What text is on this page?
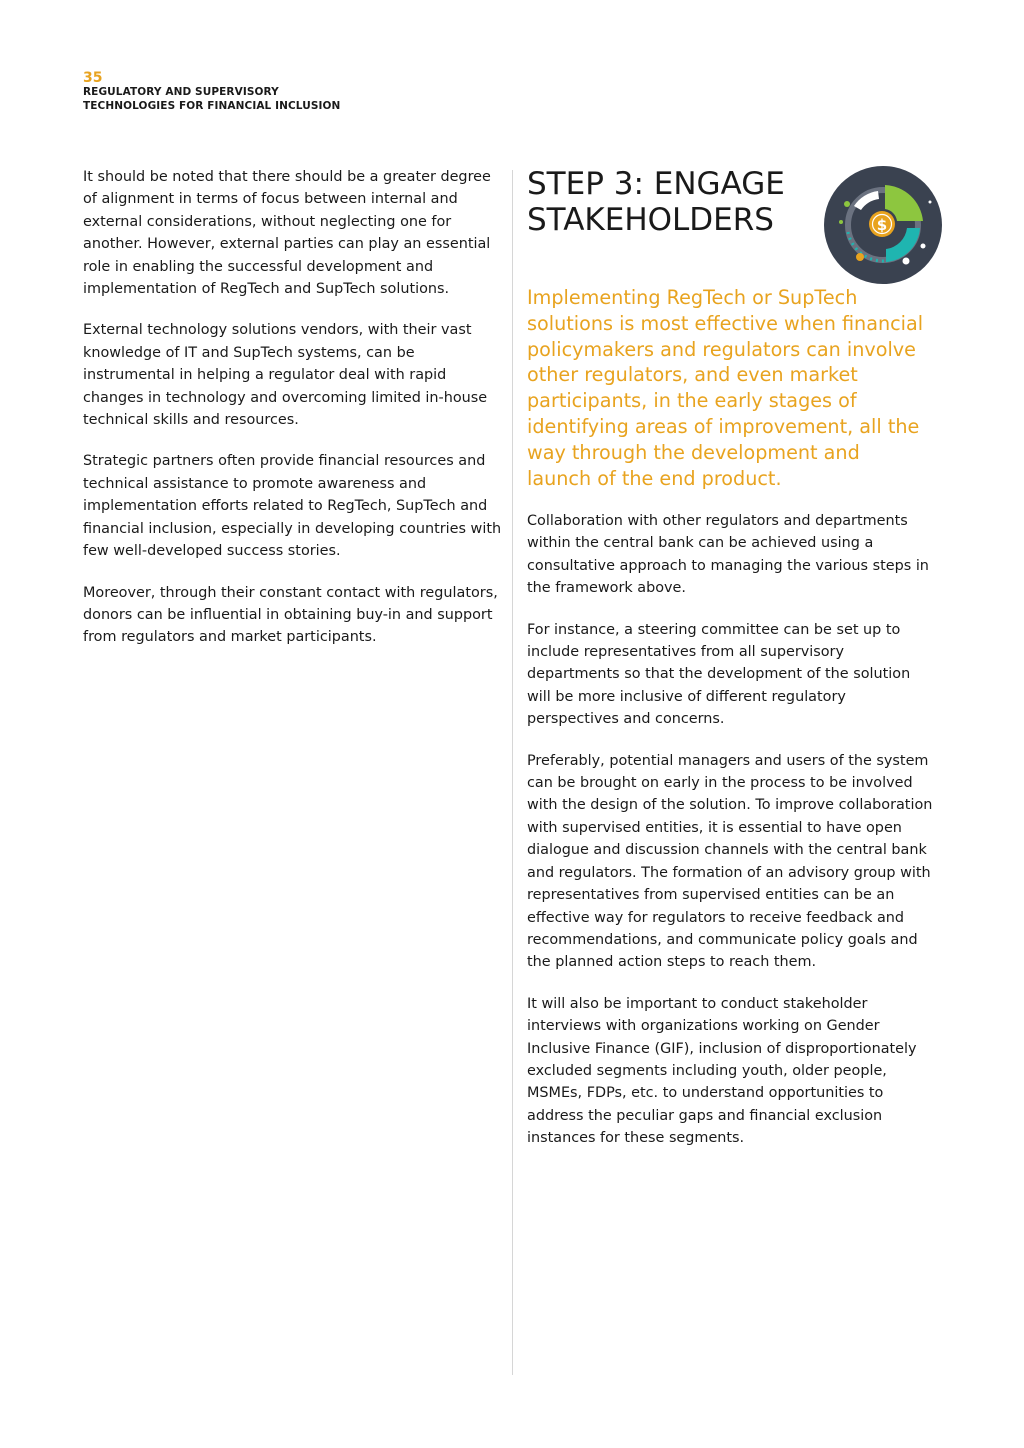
35
REGULATORY AND SUPERVISORY
TECHNOLOGIES FOR FINANCIAL INCLUSION

It should be noted that there should be a greater degree of alignment in terms of focus between internal and external considerations, without neglecting one for another. However, external parties can play an essential role in enabling the successful development and implementation of RegTech and SupTech solutions.

External technology solutions vendors, with their vast knowledge of IT and SupTech systems, can be instrumental in helping a regulator deal with rapid changes in technology and overcoming limited in-house technical skills and resources.

Strategic partners often provide financial resources and technical assistance to promote awareness and implementation efforts related to RegTech, SupTech and financial inclusion, especially in developing countries with few well-developed success stories.

Moreover, through their constant contact with regulators, donors can be influential in obtaining buy-in and support from regulators and market participants.

STEP 3: ENGAGE STAKEHOLDERS	$

Implementing RegTech or SupTech solutions is most effective when financial policymakers and regulators can involve other regulators, and even market participants, in the early stages of identifying areas of improvement, all the way through the development and launch of the end product.

Collaboration with other regulators and departments within the central bank can be achieved using a consultative approach to managing the various steps in the framework above.

For instance, a steering committee can be set up to include representatives from all supervisory departments so that the development of the solution will be more inclusive of different regulatory perspectives and concerns.

Preferably, potential managers and users of the system can be brought on early in the process to be involved with the design of the solution. To improve collaboration with supervised entities, it is essential to have open dialogue and discussion channels with the central bank and regulators. The formation of an advisory group with representatives from supervised entities can be an effective way for regulators to receive feedback and recommendations, and communicate policy goals and the planned action steps to reach them.

It will also be important to conduct stakeholder interviews with organizations working on Gender Inclusive Finance (GIF), inclusion of disproportionately excluded segments including youth, older people, MSMEs, FDPs, etc. to understand opportunities to address the peculiar gaps and financial exclusion instances for these segments.
